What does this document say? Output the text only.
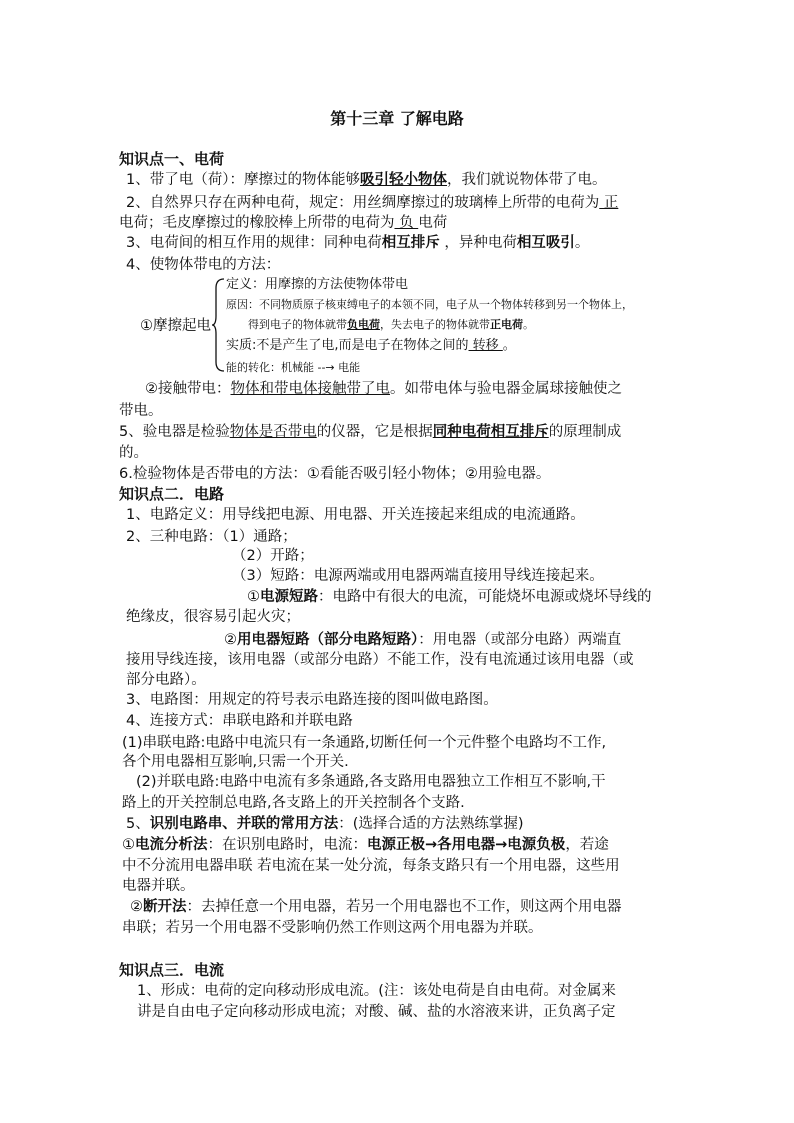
第十三章 了解电路
知识点一、电荷
1、带了电（荷）：摩擦过的物体能够吸引轻小物体，我们就说物体带了电。
2、自然界只存在两种电荷，规定：用丝绸摩擦过的玻璃棒上所带的电荷为 正
电荷；毛皮摩擦过的橡胶棒上所带的电荷为 负 电荷
3、电荷间的相互作用的规律：同种电荷相互排斥 ，异种电荷相互吸引。
4、使物体带电的方法：
①摩擦起电
定义：用摩擦的方法使物体带电
原因：不同物质原子核束缚电子的本领不同，电子从一个物体转移到另一个物体上，
得到电子的物体就带负电荷，失去电子的物体就带正电荷。
实质:不是产生了电,而是电子在物体之间的 转移 。
能的转化：机械能 --→ 电能
②接触带电：物体和带电体接触带了电。如带电体与验电器金属球接触使之
带电。
5、验电器是检验物体是否带电的仪器，它是根据同种电荷相互排斥的原理制成
的。
6.检验物体是否带电的方法：①看能否吸引轻小物体；②用验电器。
知识点二．电路
1、电路定义：用导线把电源、用电器、开关连接起来组成的电流通路。
2、三种电路：（1）通路；
（2）开路；
（3）短路：电源两端或用电器两端直接用导线连接起来。
①电源短路：电路中有很大的电流，可能烧坏电源或烧坏导线的
绝缘皮，很容易引起火灾；
②用电器短路（部分电路短路）：用电器（或部分电路）两端直
接用导线连接，该用电器（或部分电路）不能工作，没有电流通过该用电器（或
部分电路）。
3、电路图：用规定的符号表示电路连接的图叫做电路图。
4、连接方式：串联电路和并联电路
(1)串联电路:电路中电流只有一条通路,切断任何一个元件整个电路均不工作,
各个用电器相互影响,只需一个开关.
(2)并联电路:电路中电流有多条通路,各支路用电器独立工作相互不影响,干
路上的开关控制总电路,各支路上的开关控制各个支路.
5、识别电路串、并联的常用方法：(选择合适的方法熟练掌握)
①电流分析法：在识别电路时，电流：电源正极→各用电器→电源负极，若途
中不分流用电器串联 若电流在某一处分流，每条支路只有一个用电器，这些用
电器并联。
②断开法：去掉任意一个用电器，若另一个用电器也不工作，则这两个用电器
串联；若另一个用电器不受影响仍然工作则这两个用电器为并联。
知识点三．电流
1、形成：电荷的定向移动形成电流。(注：该处电荷是自由电荷。对金属来
讲是自由电子定向移动形成电流；对酸、碱、盐的水溶液来讲，正负离子定
